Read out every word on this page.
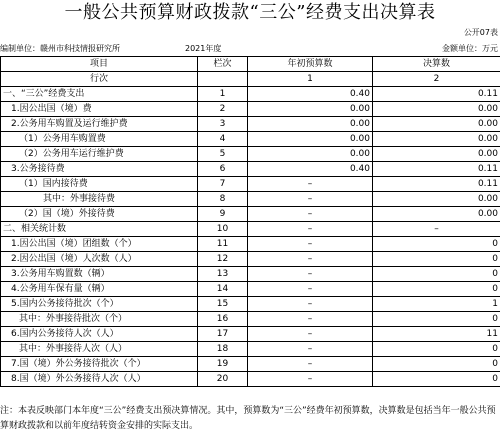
一般公共预算财政拨款“三公”经费支出决算表
公开07表
编制单位：赣州市科技情报研究所	2021年度	金额单位：万元
项目	栏次	年初预算数	决算数
行次		1	2
一、“三公”经费支出	1	0.40	0.11
1.因公出国（境）费	2	0.00	0.00
2.公务用车购置及运行维护费	3	0.00	0.00
（1）公务用车购置费	4	0.00	0.00
（2）公务用车运行维护费	5	0.00	0.00
3.公务接待费	6	0.40	0.11
（1）国内接待费	7	–	0.11
其中：外事接待费	8	–	0.00
（2）国（境）外接待费	9	–	0.00
二、相关统计数	10	–	–
1.因公出国（境）团组数（个）	11	–	0
2.因公出国（境）人次数（人）	12	–	0
3.公务用车购置数（辆）	13	–	0
4.公务用车保有量（辆）	14	–	0
5.国内公务接待批次（个）	15	–	1
其中：外事接待批次（个）	16	–	0
6.国内公务接待人次（人）	17	–	11
其中：外事接待人次（人）	18	–	0
7.国（境）外公务接待批次（个）	19	–	0
8.国（境）外公务接待人次（人）	20	–	0
注：本表反映部门本年度“三公”经费支出预决算情况。其中，预算数为“三公”经费年初预算数，决算数是包括当年一般公共预算财政拨款和以前年度结转资金安排的实际支出。
